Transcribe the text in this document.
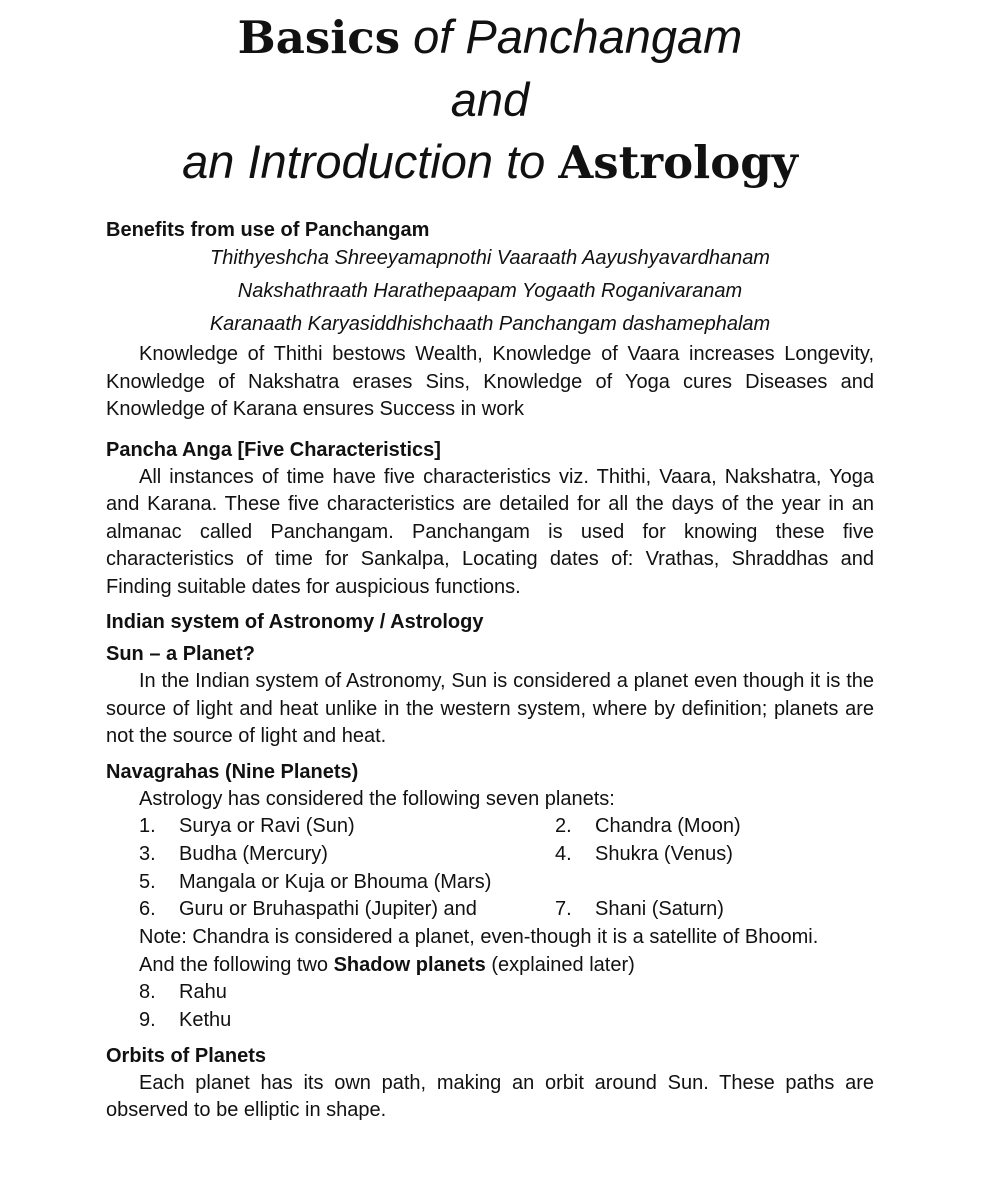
Basics of Panchangam
and
an Introduction to Astrology

Benefits from use of Panchangam

Thithyeshcha Shreeyamapnothi Vaaraath Aayushyavardhanam

Nakshathraath Harathepaapam Yogaath Roganivaranam

Karanaath Karyasiddhishchaath Panchangam dashamephalam

Knowledge of Thithi bestows Wealth, Knowledge of Vaara increases Longevity, Knowledge of Nakshatra erases Sins, Knowledge of Yoga cures Diseases and Knowledge of Karana ensures Success in work

Pancha Anga [Five Characteristics]

All instances of time have five characteristics viz. Thithi, Vaara, Nakshatra, Yoga and Karana. These five characteristics are detailed for all the days of the year in an almanac called Panchangam. Panchangam is used for knowing these five characteristics of time for Sankalpa, Locating dates of: Vrathas, Shraddhas and Finding suitable dates for auspicious functions.

Indian system of Astronomy / Astrology

Sun – a Planet?

In the Indian system of Astronomy, Sun is considered a planet even though it is the source of light and heat unlike in the western system, where by definition; planets are not the source of light and heat.

Navagrahas (Nine Planets)

Astrology has considered the following seven planets:

1.	Surya or Ravi (Sun)	2.	Chandra (Moon)
3.	Budha (Mercury)	4.	Shukra (Venus)
5.	Mangala or Kuja or Bhouma (Mars)
6.	Guru or Bruhaspathi (Jupiter) and	7.	Shani (Saturn)

Note: Chandra is considered a planet, even-though it is a satellite of Bhoomi.

And the following two Shadow planets (explained later)

8.	Rahu
9.	Kethu

Orbits of Planets

Each planet has its own path, making an orbit around Sun. These paths are observed to be elliptic in shape.
